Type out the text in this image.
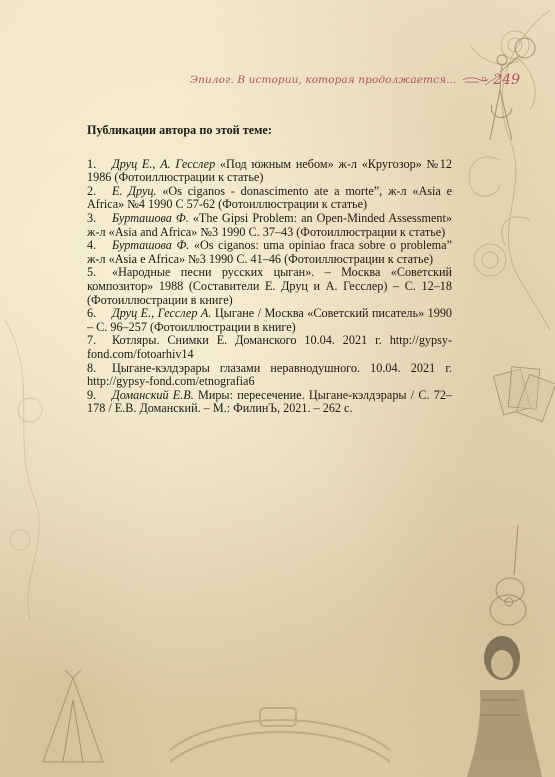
Эпилог. В истории, которая продолжается...	249
Публикации автора по этой теме:

1. Друц Е., А. Гесслер «Под южным небом» ж-л «Кругозор» №12 1986 (Фотоиллюстрации к статье)

2. Е. Друц. «Os ciganos - donascimento ate a morte”, ж-л «Asia e Africa» №4 1990 С 57-62 (Фотоиллюстрации к статье)

3. Бурташова Ф. «The Gipsi Problem: an Open-Minded Assessment» ж-л «Asia and Africa» №3 1990 С. 37–43 (Фотоиллюстрации к статье)

4. Бурташова Ф. «Os ciganos: uma opiniao fraca sobre o problema” ж-л «Asia e Africa» №3 1990 С. 41–46 (Фотоиллюстрации к статье)

5. «Народные песни русских цыган». – Москва «Советский композитор» 1988 (Составители Е. Друц и А. Гесслер) – С. 12–18 (Фотоиллюстрации в книге)

6. Друц Е., Гесслер А. Цыгане / Москва «Советский писатель» 1990 – С. 96–257 (Фотоиллюстрации в книге)

7. Котляры. Снимки Е. Доманского 10.04. 2021 г. http://gypsy-fond.com/fotoarhiv14

8. Цыгане-кэлдэрары глазами неравнодушного. 10.04. 2021 г. http://gypsy-fond.com/etnografia6

9. Доманский Е.В. Миры: пересечение. Цыгане-кэлдэрары / С. 72–178 / Е.В. Доманский. – М.: ФилинЪ, 2021. – 262 с.
